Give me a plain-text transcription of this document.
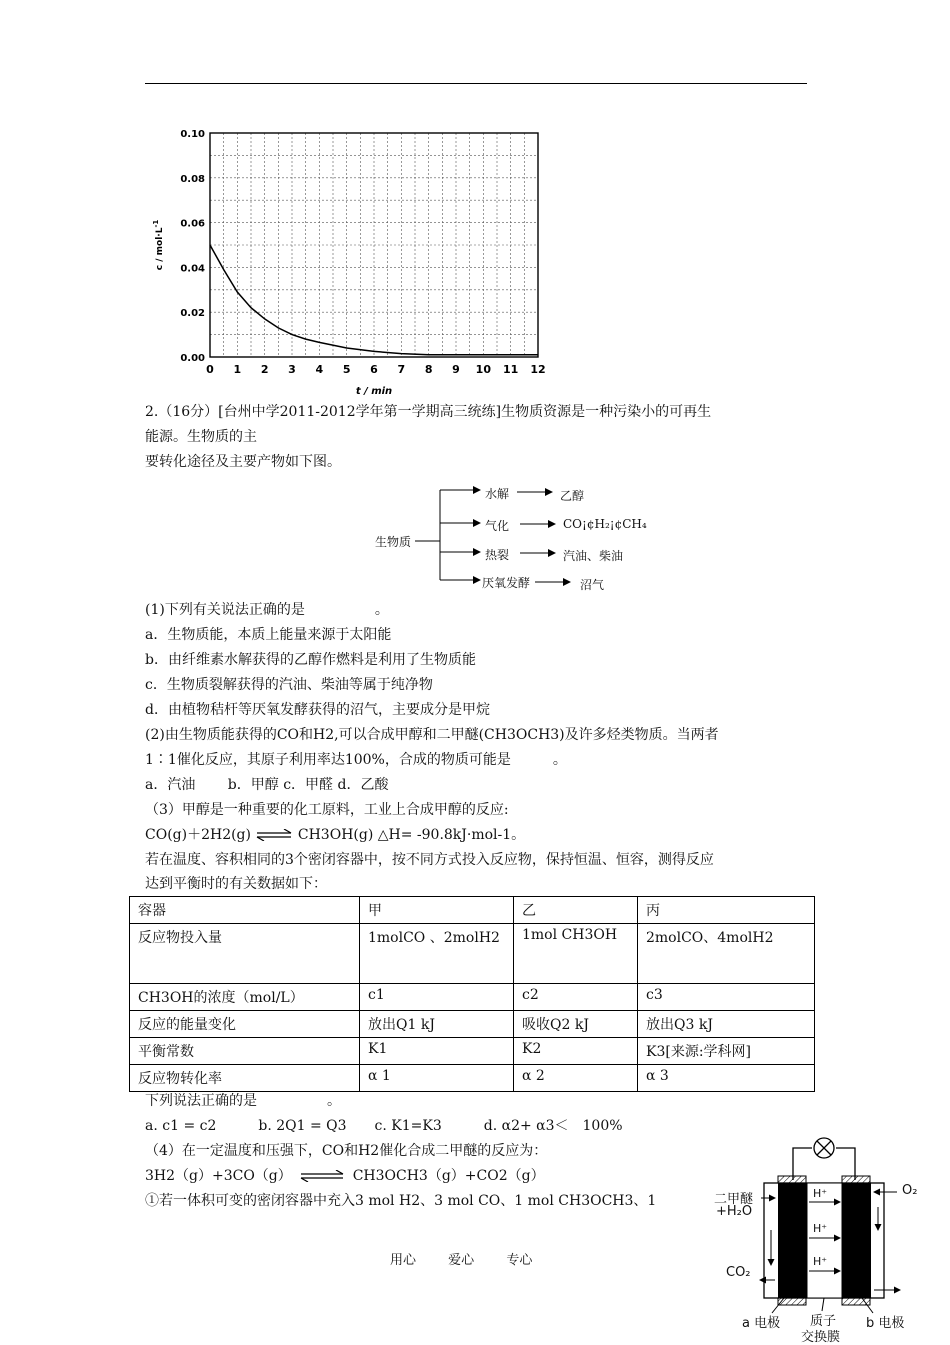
0 1 2 3 4 5 6 7 8 9 10 11 12
0.00
0.02
0.04
0.06
0.08
0.10
t / min
$c / mol\cdot L^{-1}$
2.（16分）[台州中学2011-2012学年第一学期高三统练]生物质资源是一种污染小的可再生
能源。生物质的主
要转化途径及主要产物如下图。
生物质
水解	乙醇
气化	CO¡¢H₂¡¢CH₄
热裂	汽油、柴油
厌氧发酵	沼气
(1)下列有关说法正确的是　　　　　。
a．生物质能，本质上能量来源于太阳能
b．由纤维素水解获得的乙醇作燃料是利用了生物质能
c．生物质裂解获得的汽油、柴油等属于纯净物
d．由植物秸杆等厌氧发酵获得的沼气，主要成分是甲烷
(2)由生物质能获得的CO和H2,可以合成甲醇和二甲醚(CH3OCH3)及许多烃类物质。当两者
1∶1催化反应，其原子利用率达100%，合成的物质可能是　　　。
a．汽油　　 b．甲醇 c．甲醛 d．乙酸
（3）甲醇是一种重要的化工原料，工业上合成甲醇的反应:
CO(g)＋2H2(g) ⇌ CH3OH(g) △H= -90.8kJ·mol-1。
若在温度、容积相同的3个密闭容器中，按不同方式投入反应物，保持恒温、恒容，测得反应
达到平衡时的有关数据如下：
容器	甲	乙	丙
反应物投入量	1molCO 、2molH2	1mol CH3OH	2molCO、4molH2
CH3OH的浓度（mol/L）	c1	c2	c3
反应的能量变化	放出Q1 kJ	吸收Q2 kJ	放出Q3 kJ
平衡常数	K1	K2	K3[来源:学科网]
反应物转化率	α 1	α 2	α 3
下列说法正确的是　　　　　。
a. c1 = c2　　　b. 2Q1 = Q3　　c. K1=K3　　　d. α2+ α3＜　100%
（4）在一定温度和压强下，CO和H2催化合成二甲醚的反应为：
3H2（g）+3CO（g） ⇌ CH3OCH3（g）+CO2（g）
①若一体积可变的密闭容器中充入3 mol H2、3 mol CO、1 mol CH3OCH3、1	H⁺
H⁺
H⁺
二甲醚
+H₂O
O₂
CO₂
a 电极 质子
交换膜
b 电极
用心 爱心 专心
